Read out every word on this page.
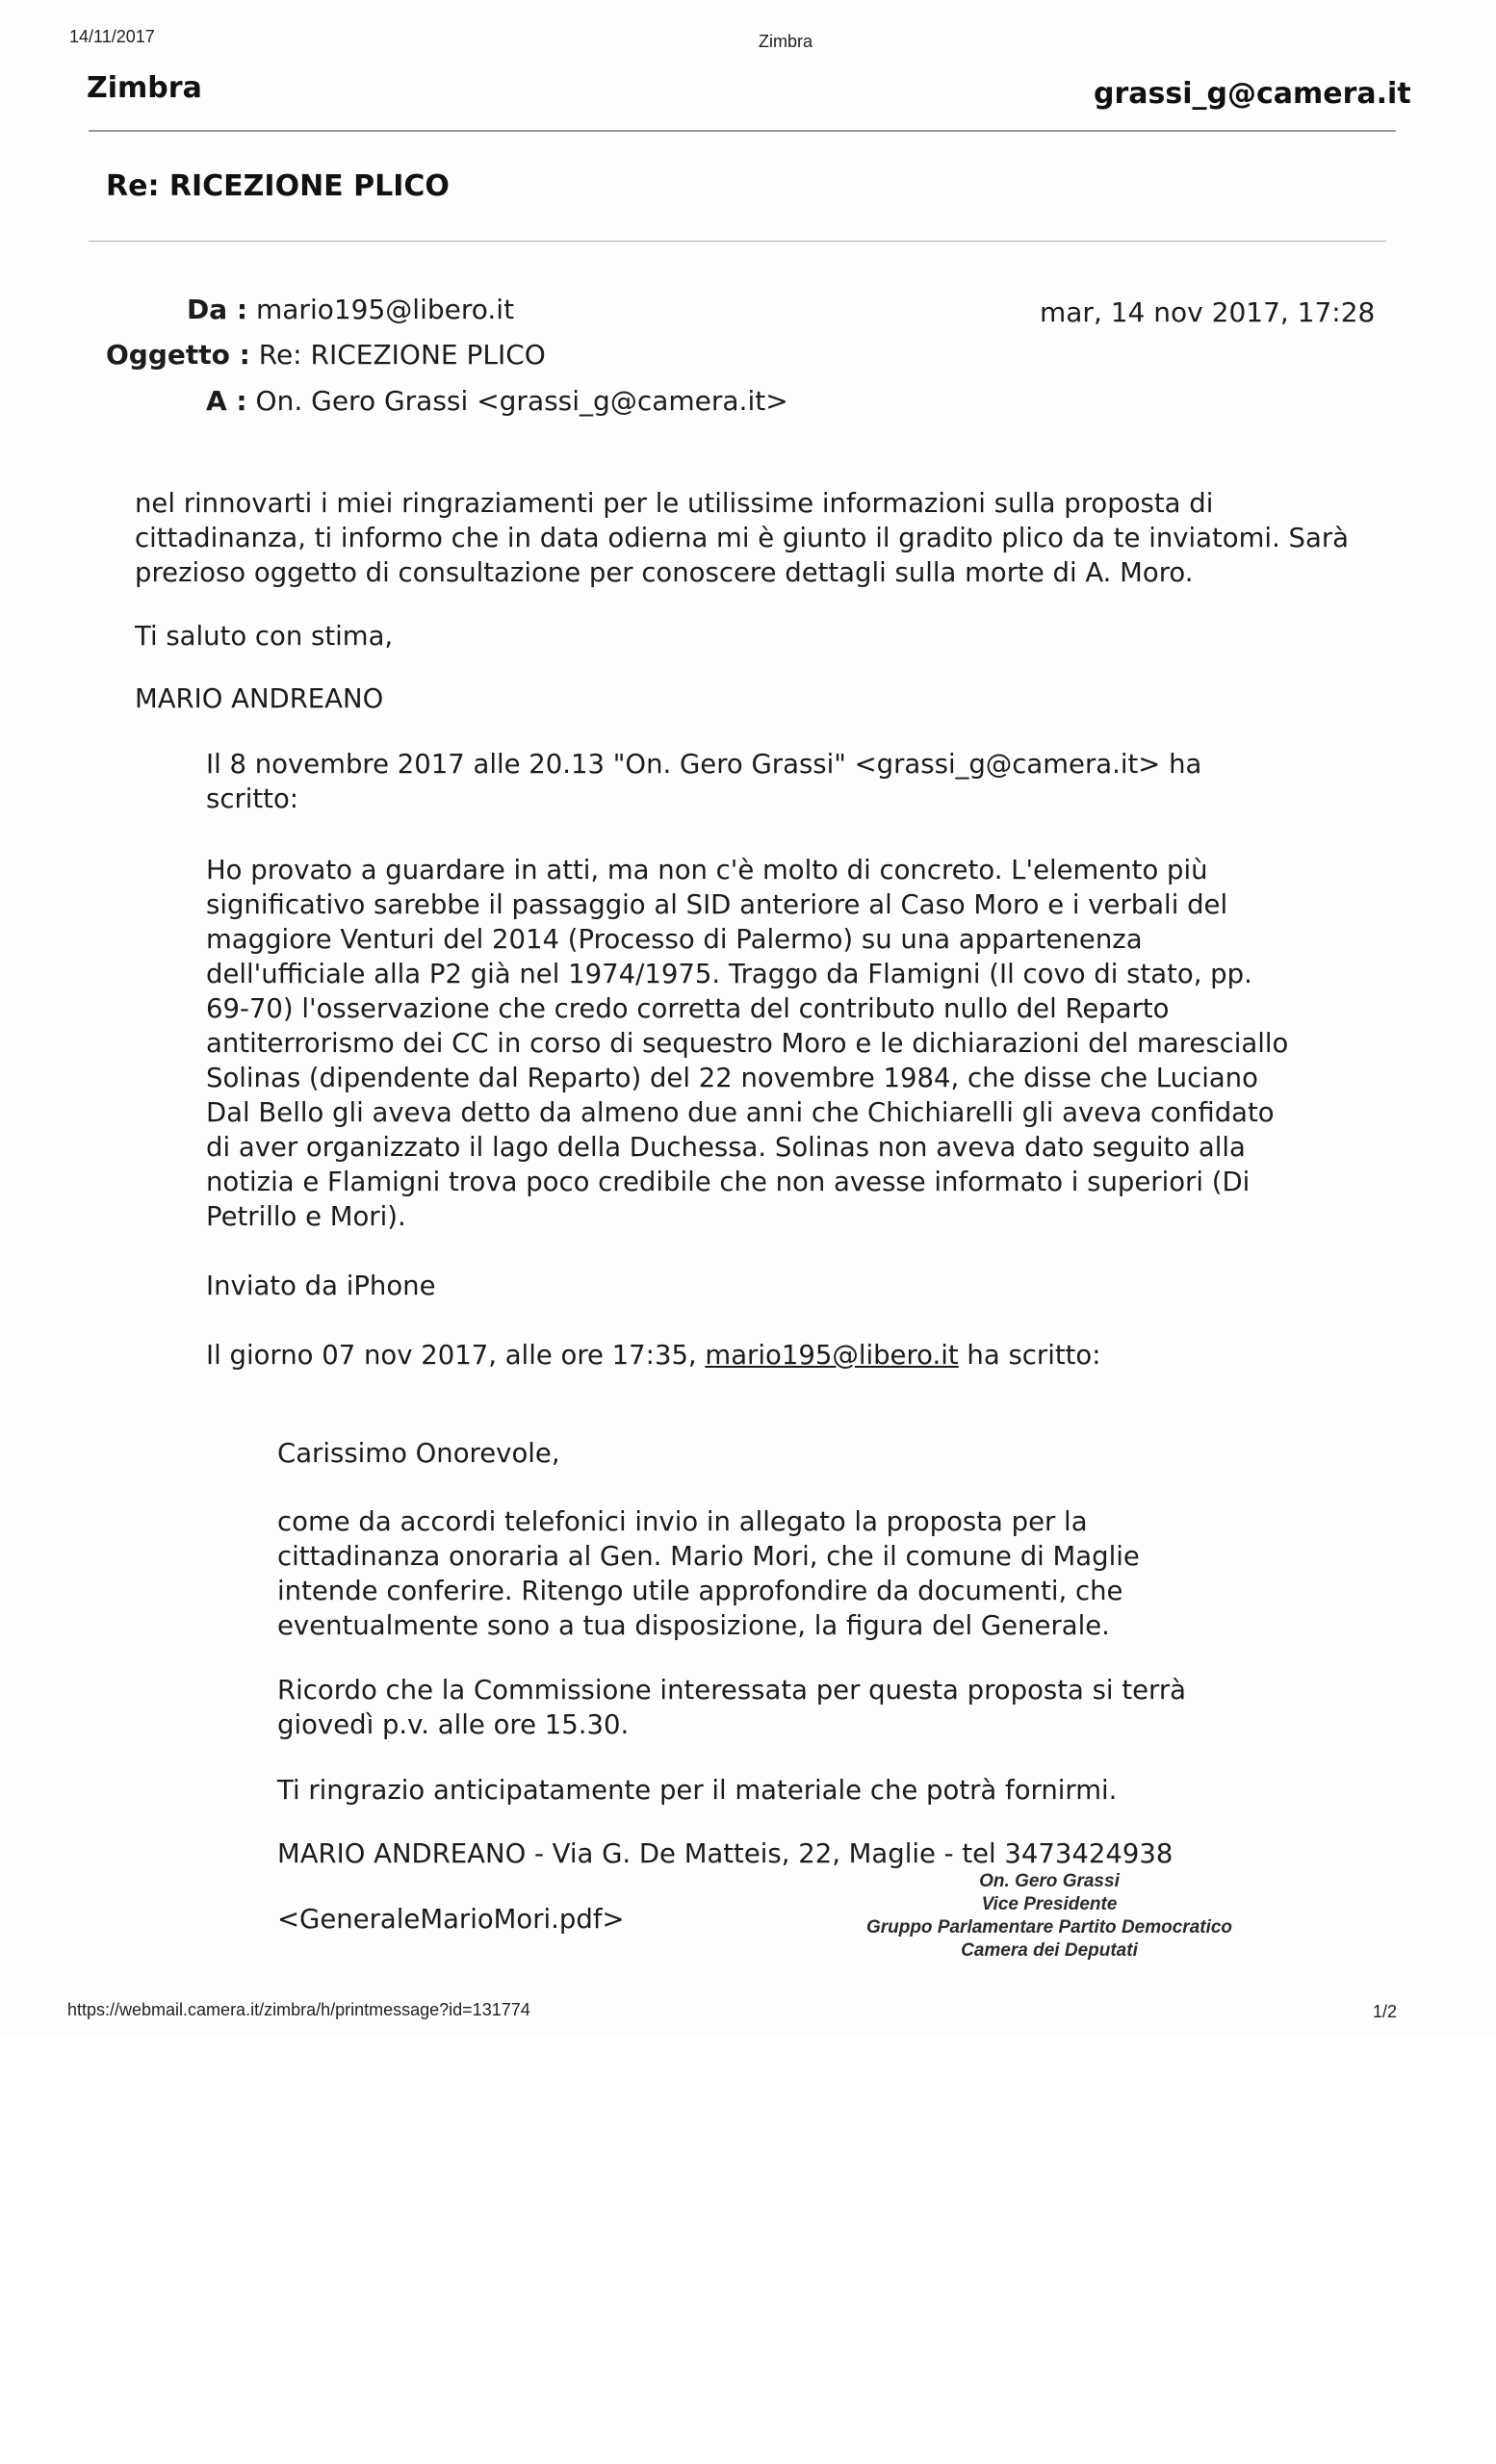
14/11/2017	Zimbra
Zimbra	grassi_g@camera.it
Re: RICEZIONE PLICO
Da : mario195@libero.it
Oggetto : Re: RICEZIONE PLICO
A : On. Gero Grassi <grassi_g@camera.it>
mar, 14 nov 2017, 17:28
nel rinnovarti i miei ringraziamenti per le utilissime informazioni sulla proposta di
cittadinanza, ti informo che in data odierna mi è giunto il gradito plico da te inviatomi. Sarà
prezioso oggetto di consultazione per conoscere dettagli sulla morte di A. Moro.
Ti saluto con stima,
MARIO ANDREANO
Il 8 novembre 2017 alle 20.13 "On. Gero Grassi" <grassi_g@camera.it> ha
scritto:
Ho provato a guardare in atti, ma non c'è molto di concreto. L'elemento più
significativo sarebbe il passaggio al SID anteriore al Caso Moro e i verbali del
maggiore Venturi del 2014 (Processo di Palermo) su una appartenenza
dell'ufficiale alla P2 già nel 1974/1975. Traggo da Flamigni (Il covo di stato, pp.
69-70) l'osservazione che credo corretta del contributo nullo del Reparto
antiterrorismo dei CC in corso di sequestro Moro e le dichiarazioni del maresciallo
Solinas (dipendente dal Reparto) del 22 novembre 1984, che disse che Luciano
Dal Bello gli aveva detto da almeno due anni che Chichiarelli gli aveva confidato
di aver organizzato il lago della Duchessa. Solinas non aveva dato seguito alla
notizia e Flamigni trova poco credibile che non avesse informato i superiori (Di
Petrillo e Mori).
Inviato da iPhone
Il giorno 07 nov 2017, alle ore 17:35, mario195@libero.it ha scritto:
Carissimo Onorevole,
come da accordi telefonici invio in allegato la proposta per la
cittadinanza onoraria al Gen. Mario Mori, che il comune di Maglie
intende conferire. Ritengo utile approfondire da documenti, che
eventualmente sono a tua disposizione, la figura del Generale.
Ricordo che la Commissione interessata per questa proposta si terrà
giovedì p.v. alle ore 15.30.
Ti ringrazio anticipatamente per il materiale che potrà fornirmi.
MARIO ANDREANO - Via G. De Matteis, 22, Maglie - tel 3473424938
<GeneraleMarioMori.pdf>
On. Gero Grassi
Vice Presidente
Gruppo Parlamentare Partito Democratico
Camera dei Deputati
https://webmail.camera.it/zimbra/h/printmessage?id=131774	1/2
